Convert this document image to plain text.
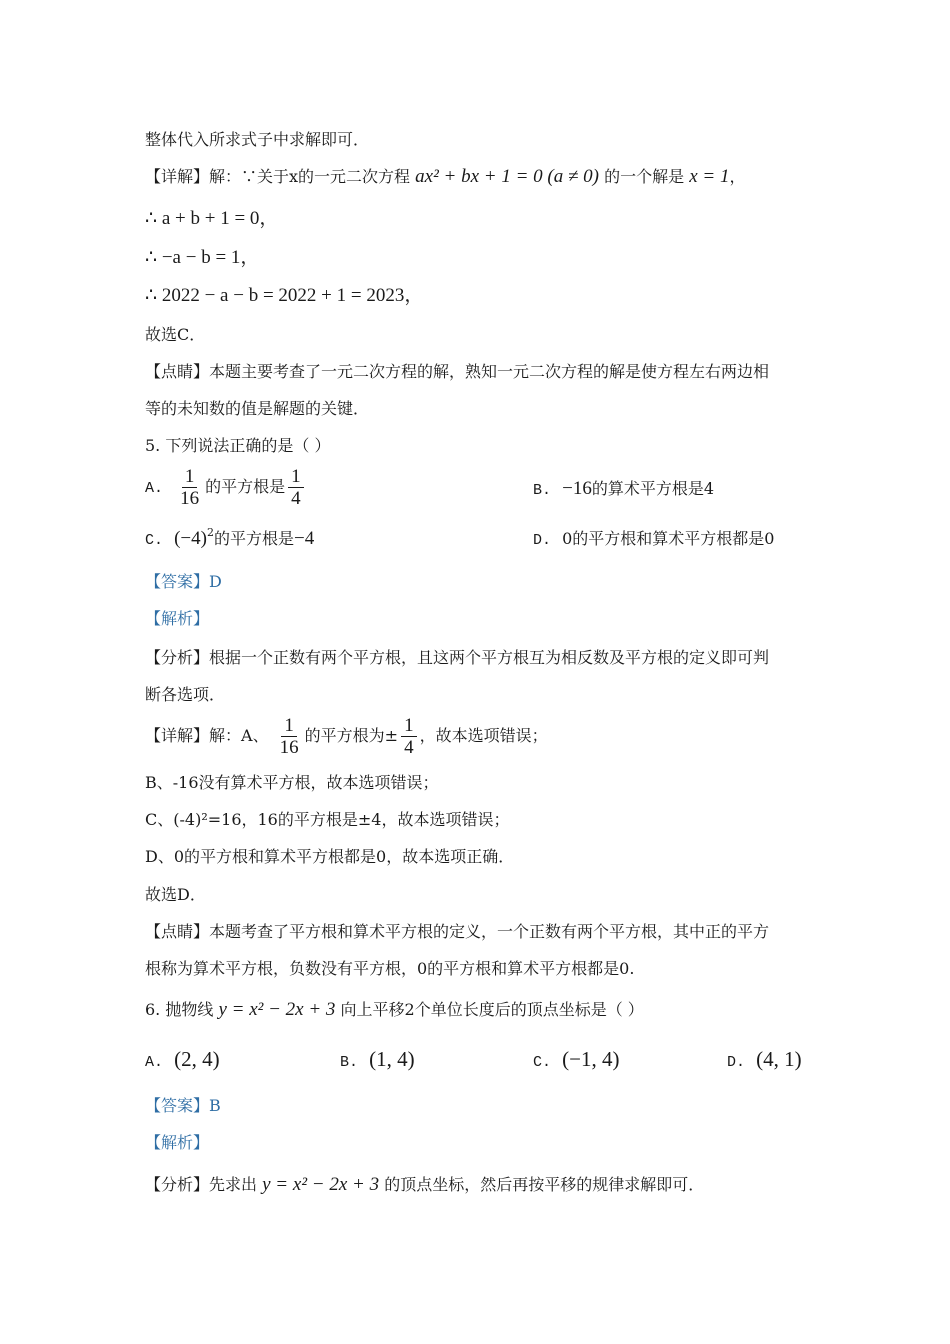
整体代入所求式子中求解即可．
【详解】解：∵关于x的一元二次方程 ax² + bx + 1 = 0 (a ≠ 0) 的一个解是 x = 1，
∴ a + b + 1 = 0，
∴ −a − b = 1，
∴ 2022 − a − b = 2022 + 1 = 2023，
故选C．
【点睛】本题主要考查了一元二次方程的解，熟知一元二次方程的解是使方程左右两边相
等的未知数的值是解题的关键．
5. 下列说法正确的是（ ）
A. $\frac{1}{16}$ 的平方根是 $\frac{1}{4}$	B. −16的算术平方根是4
C. $(-4)^2$的平方根是−4	D. 0的平方根和算术平方根都是0
【答案】D
【解析】
【分析】根据一个正数有两个平方根，且这两个平方根互为相反数及平方根的定义即可判
断各选项．
【详解】解：A、 $\frac{1}{16}$ 的平方根为± $\frac{1}{4}$ ，故本选项错误；
B、-16没有算术平方根，故本选项错误；
C、(-4)²=16，16的平方根是±4，故本选项错误；
D、0的平方根和算术平方根都是0，故本选项正确．
故选D．
【点睛】本题考查了平方根和算术平方根的定义，一个正数有两个平方根，其中正的平方
根称为算术平方根，负数没有平方根，0的平方根和算术平方根都是0.
6. 抛物线 y = x² − 2x + 3 向上平移2个单位长度后的顶点坐标是（ ）
A. (2, 4)	B. (1, 4)	C. (−1, 4)	D. (4, 1)
【答案】B
【解析】
【分析】先求出 y = x² − 2x + 3 的顶点坐标，然后再按平移的规律求解即可．
